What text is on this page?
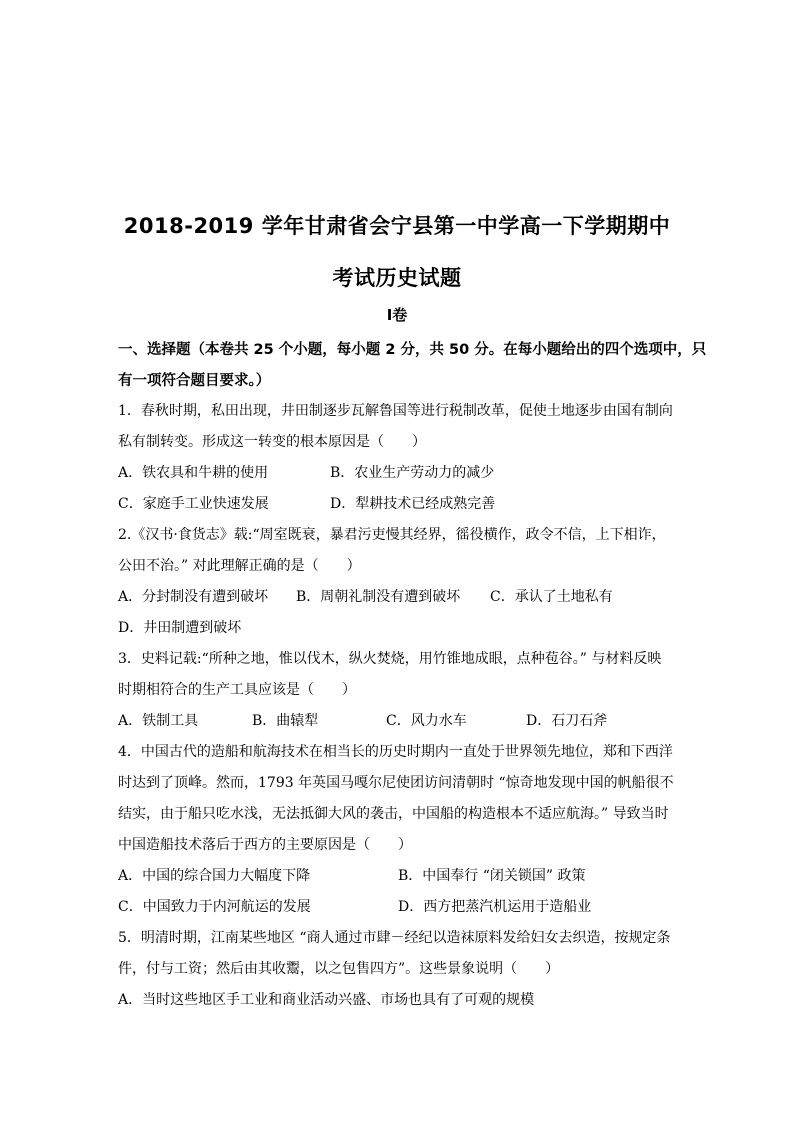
2018-2019 学年甘肃省会宁县第一中学高一下学期期中
考试历史试题
I卷
一、选择题（本卷共 25 个小题，每小题 2 分，共 50 分。在每小题给出的四个选项中，只
有一项符合题目要求。）
1．春秋时期，私田出现，井田制逐步瓦解鲁国等进行税制改革，促使土地逐步由国有制向
私有制转变。形成这一转变的根本原因是（　　）
A．铁农具和牛耕的使用	B．农业生产劳动力的减少
C．家庭手工业快速发展	D．犁耕技术已经成熟完善
2.《汉书·食货志》载:“周室既衰，暴君污吏慢其经界，徭役横作，政令不信，上下相诈，
公田不治。” 对此理解正确的是（　　）
A．分封制没有遭到破坏 B．周朝礼制没有遭到破坏 C．承认了土地私有
D．井田制遭到破坏
3．史料记载:“所种之地，惟以伐木，纵火焚烧，用竹锥地成眼，点种苞谷。” 与材料反映
时期相符合的生产工具应该是（　　）
A．铁制工具	B．曲辕犁	C．风力水车	D．石刀石斧
4．中国古代的造船和航海技术在相当长的历史时期内一直处于世界领先地位，郑和下西洋
时达到了顶峰。然而，1793 年英国马嘎尔尼使团访问清朝时 “惊奇地发现中国的帆船很不
结实，由于船只吃水浅，无法抵御大风的袭击，中国船的构造根本不适应航海。” 导致当时
中国造船技术落后于西方的主要原因是（　　）
A．中国的综合国力大幅度下降	B．中国奉行 “闭关锁国” 政策
C．中国致力于内河航运的发展	D．西方把蒸汽机运用于造船业
5．明清时期，江南某些地区 “商人通过市肆－经纪以造袜原料发给妇女去织造，按规定条
件，付与工资；然后由其收鬻，以之包售四方”。这些景象说明（　　）
A．当时这些地区手工业和商业活动兴盛、市场也具有了可观的规模
